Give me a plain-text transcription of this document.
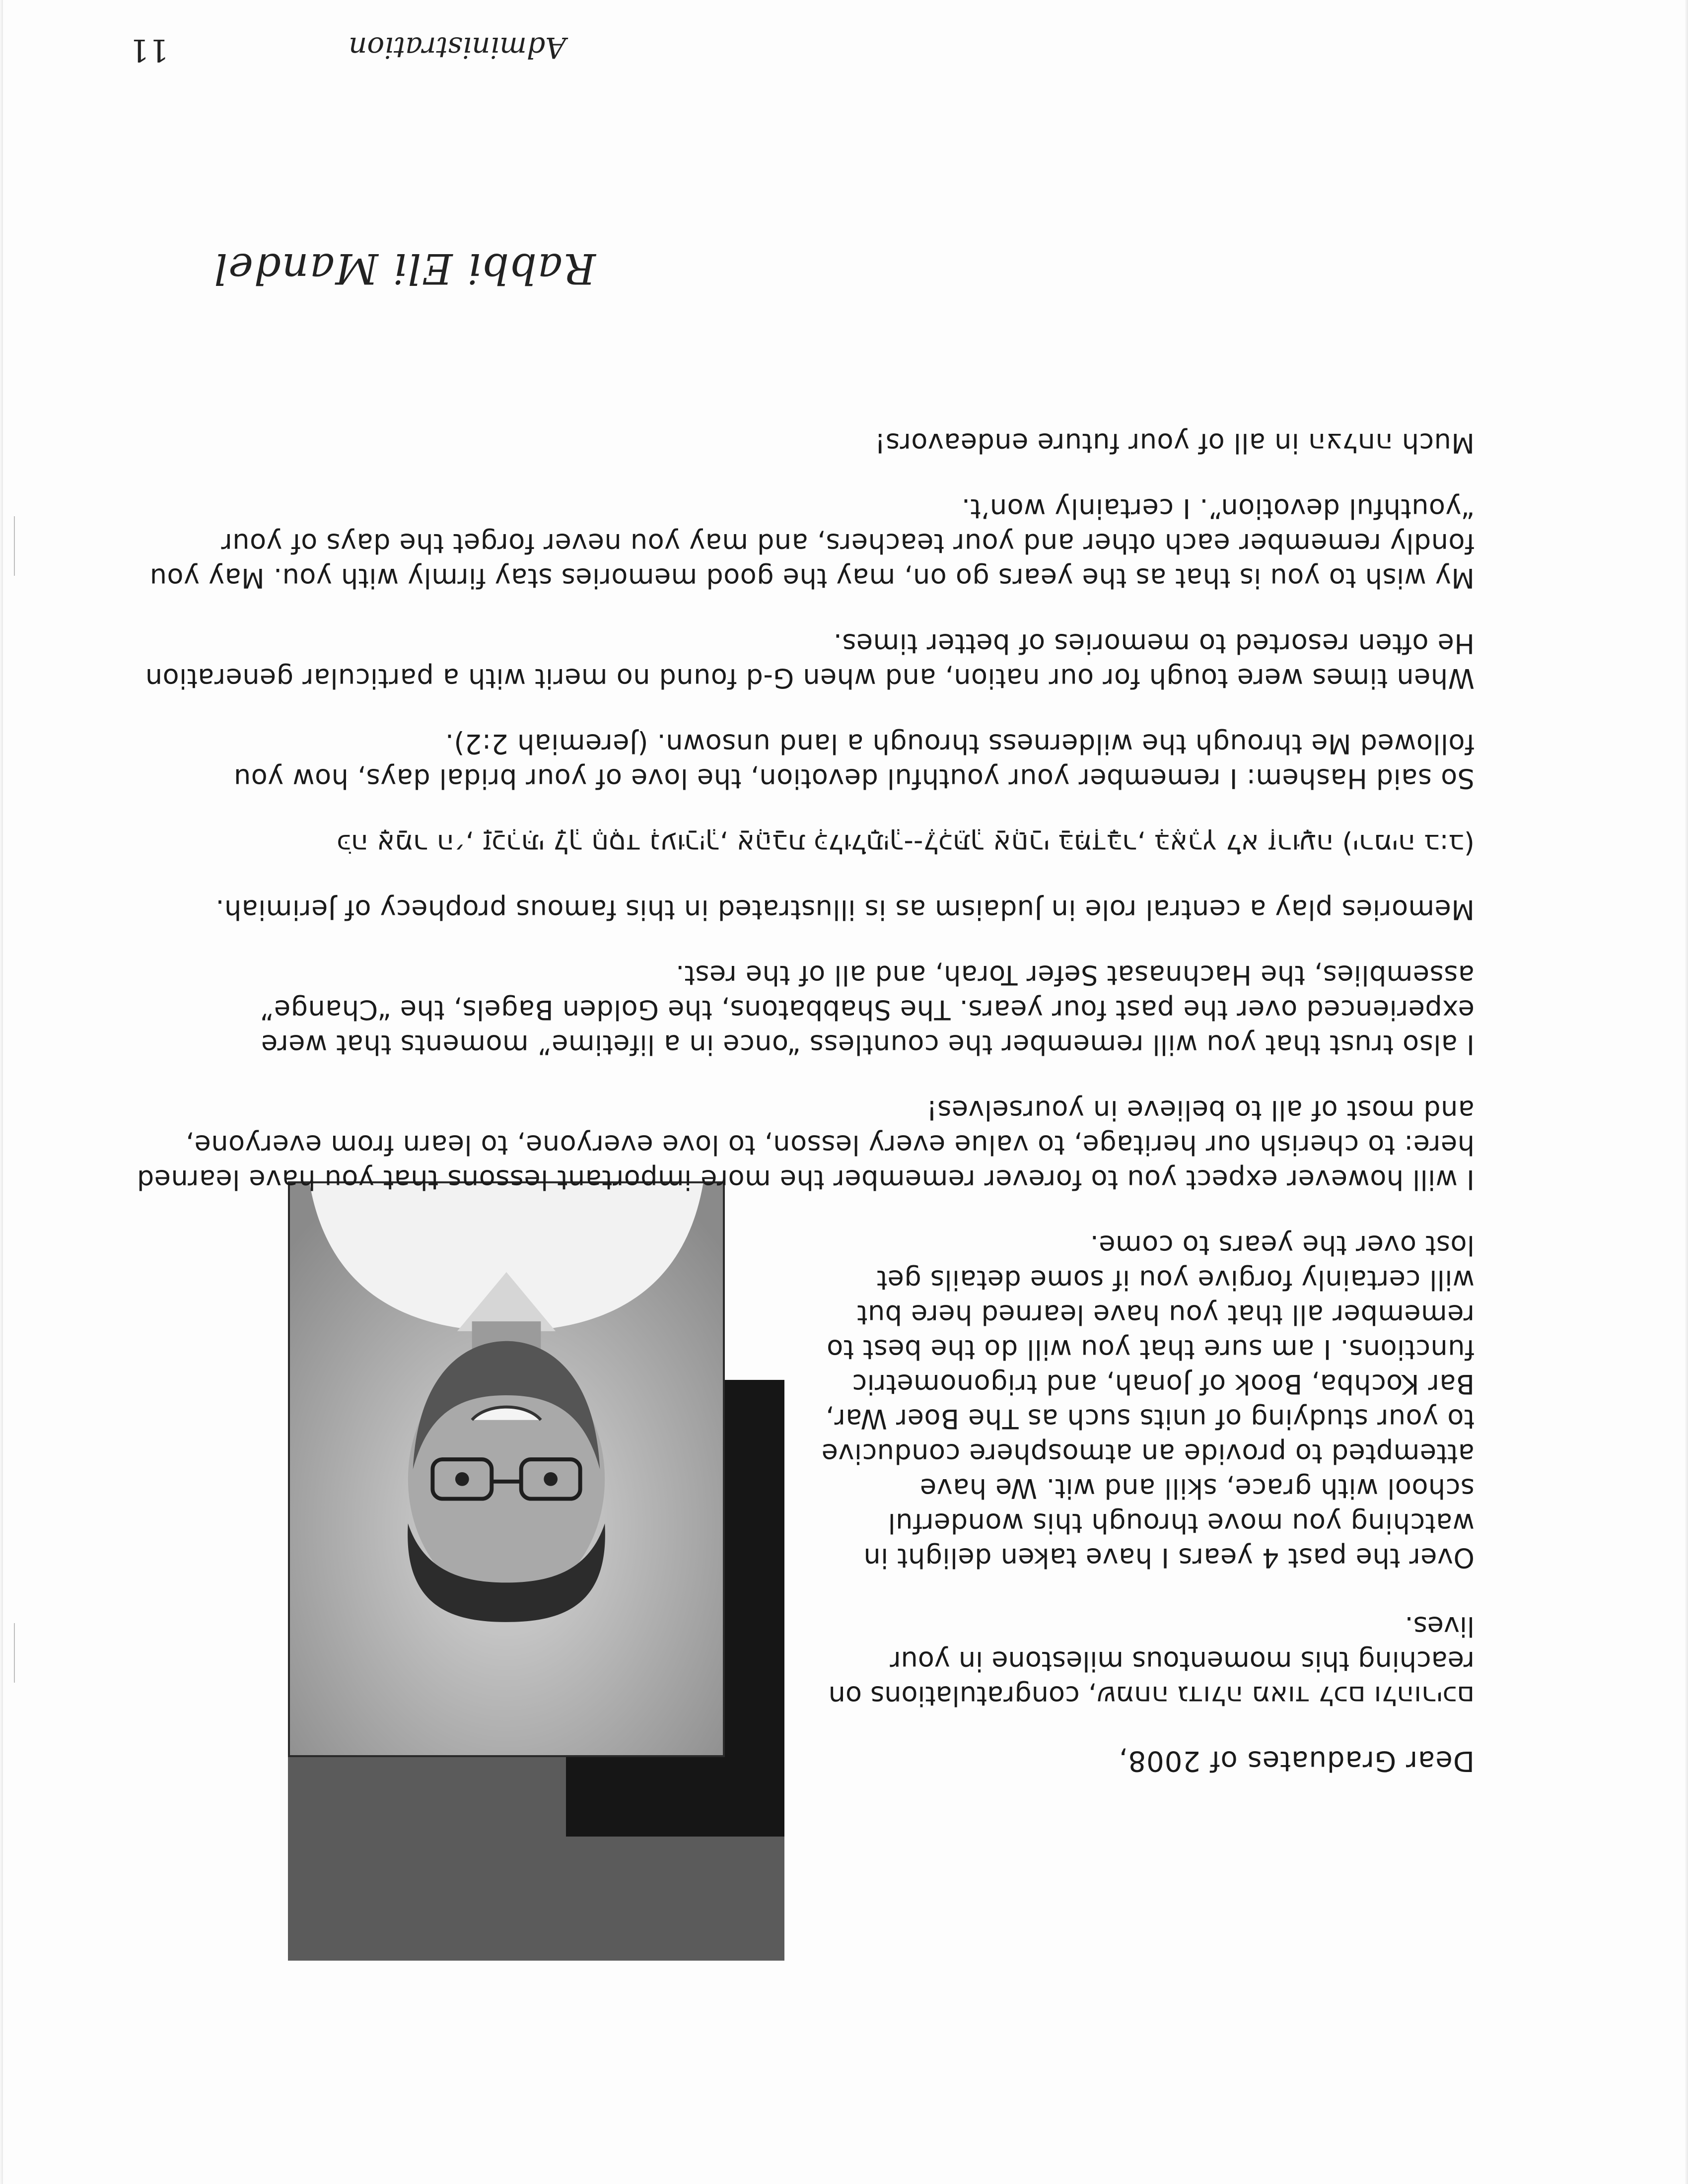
Dear Graduates of 2008,

שמחה גדולה מאוד לכם ולהוריכם, congratulations on reaching this momentous milestone in your lives.

Over the past 4 years I have taken delight in watching you move through this wonderful school with grace, skill and wit. We have attempted to provide an atmosphere conducive to your studying of units such as The Boer War, Bar Kochba, Book of Jonah, and trigonometric functions. I am sure that you will do the best to remember all that you have learned here but will certainly forgive you if some details get lost over the years to come.

I will however expect you to forever remember the more important lessons that you have learned here: to cherish our heritage, to value every lesson, to love everyone, to learn from everyone, and most of all to believe in yourselves!

I also trust that you will remember the countless “once in a lifetime” moments that were experienced over the past four years. The Shabbatons, the Golden Bagels, the “Change” assemblies, the Hachnasat Sefer Torah, and all of the rest.

Memories play a central role in Judaism as is illustrated in this famous prophecy of Jerimiah.

כֹּה אָמַר ה׳, זָכַרְתִּי לָךְ חֶסֶד נְעוּרַיִךְ, אַהֲבַת כְּלוּלֹתָיִךְ--לֶכְתֵּךְ אַחֲרַי בַּמִּדְבָּר, בְּאֶרֶץ לֹא זְרוּעָה (ירמיה ב:ב)

So said Hashem: I remember your youthful devotion, the love of your bridal days, how you followed Me through the wilderness through a land unsown. (Jeremiah 2:2).

When times were tough for our nation, and when G-d found no merit with a particular generation He often resorted to memories of better times.

My wish to you is that as the years go on, may the good memories stay firmly with you. May you fondly remember each other and your teachers, and may you never forget the days of your “youthful devotion”. I certainly won’t.

Much הצלחה in all of your future endeavors!

Rabbi Eli Mandel
Administration
11
